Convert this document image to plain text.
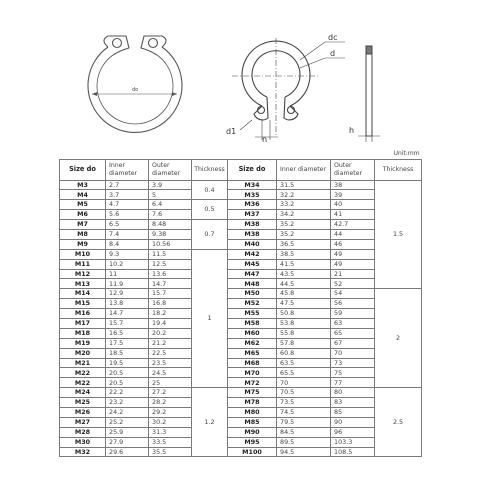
do
dc
d
d1
n
h
Unit:mm							
Size do	Inner diameter	Outer diameter	Thickness	Size do	Inner diameter	Outer diameter	Thickness
M3	2.7	3.9	0.4	M34	31.5	38	1.5
M4	3.7	5		M35	32.2	39	
M5	4.7	6.4	0.5	M36	33.2	40	
M6	5.6	7.6		M37	34.2	41	
M7	6.5	8.48	0.7	M38	35.2	42.7	
M8	7.4	9.38		M38	35.2	44	
M9	8.4	10.56		M40	36.5	46	
M10	9.3	11.5	1	M42	38.5	49	
M11	10.2	12.5		M45	41.5	49	
M12	11	13.6		M47	43.5	21	
M13	11.9	14.7		M48	44.5	52	
M14	12.9	15.7		M50	45.8	54	2
M15	13.8	16.8		M52	47.5	56	
M16	14.7	18.2		M55	50.8	59	
M17	15.7	19.4		M58	53.8	63	
M18	16.5	20.2		M60	55.8	65	
M19	17.5	21.2		M62	57.8	67	
M20	18.5	22.5		M65	60.8	70	
M21	19.5	23.5		M68	63.5	73	
M22	20.5	24.5		M70	65.5	75	
M22	20.5	25		M72	70	77	
M24	22.2	27.2	1.2	M75	70.5	80	2.5
M25	23.2	28.2		M78	73.5	83	
M26	24.2	29.2		M80	74.5	85	
M27	25.2	30.2		M85	79.5	90	
M28	25.9	31.3		M90	84.5	96	
M30	27.9	33.5		M95	89.5	103.3	
M32	29.6	35.5		M100	94.5	108.5	
